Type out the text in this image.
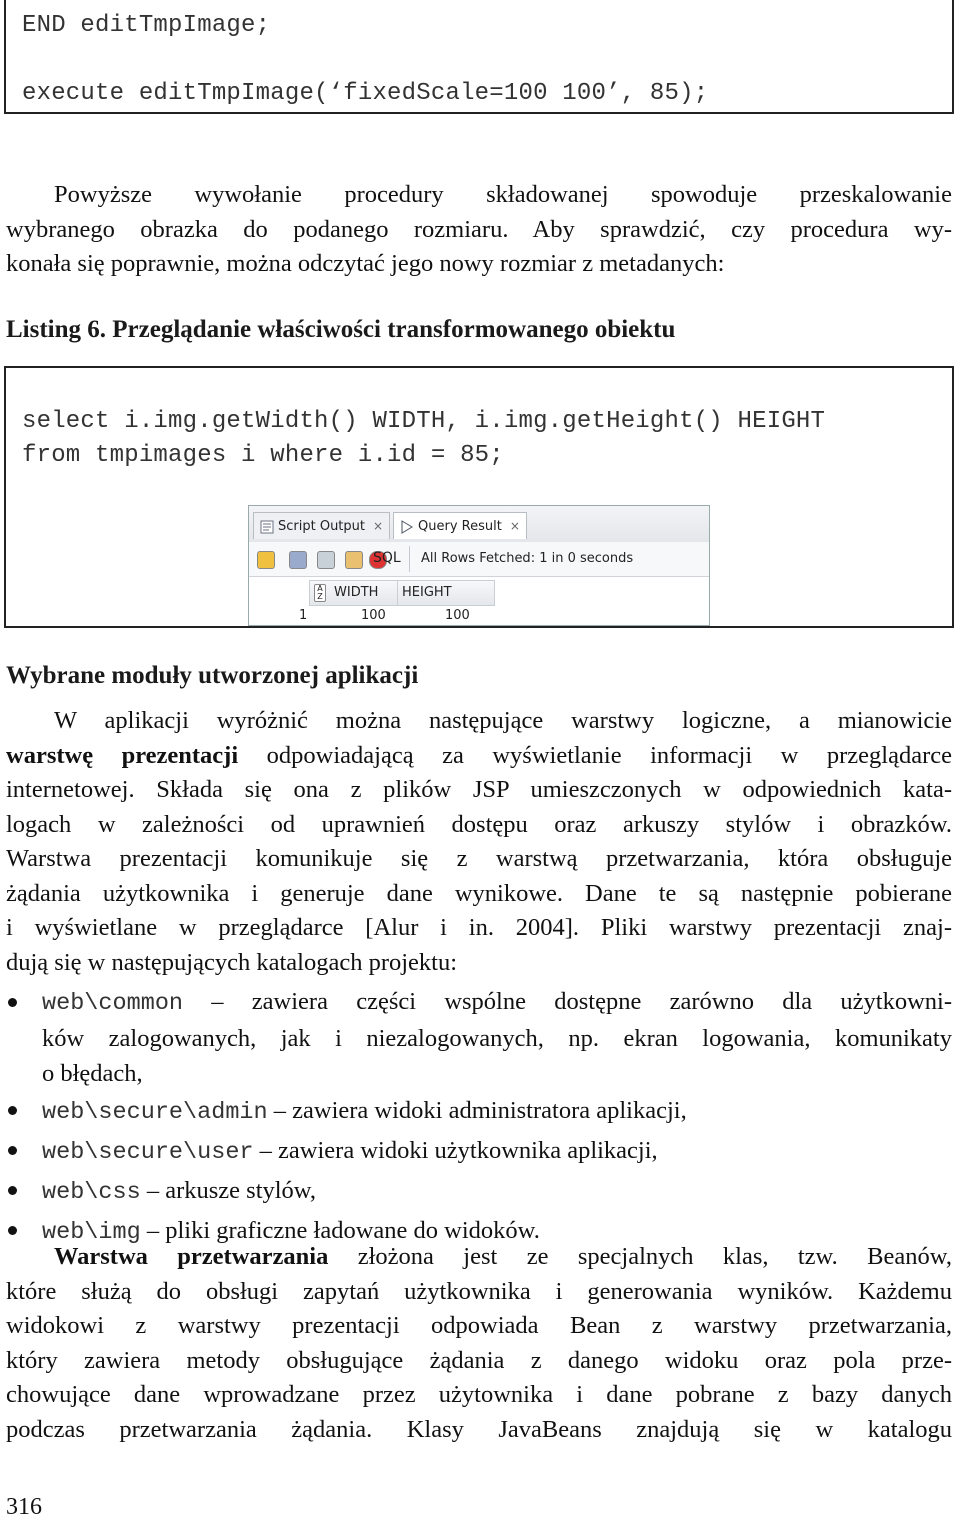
END editTmpImage;
execute editTmpImage(‘fixedScale=100 100’, 85);
Powyższe wywołanie procedury składowanej spowoduje przeskalowanie
wybranego obrazka do podanego rozmiaru. Aby sprawdzić, czy procedura wy-
konała się poprawnie, można odczytać jego nowy rozmiar z metadanych:
Listing 6. Przeglądanie właściwości transformowanego obiektu
select i.img.getWidth() WIDTH, i.img.getHeight() HEIGHT
from tmpimages i where i.id = 85;
Script Output ×	Query Result ×
SQL All Rows Fetched: 1 in 0 seconds
A
Z WIDTH	HEIGHT
1	100	100
Wybrane moduły utworzonej aplikacji
W aplikacji wyróżnić można następujące warstwy logiczne, a mianowicie
warstwę prezentacji odpowiadającą za wyświetlanie informacji w przeglądarce
internetowej. Składa się ona z plików JSP umieszczonych w odpowiednich kata-
logach w zależności od uprawnień dostępu oraz arkuszy stylów i obrazków.
Warstwa prezentacji komunikuje się z warstwą przetwarzania, która obsługuje
żądania użytkownika i generuje dane wynikowe. Dane te są następnie pobierane
i wyświetlane w przeglądarce [Alur i in. 2004]. Pliki warstwy prezentacji znaj-
dują się w następujących katalogach projektu:
web\common – zawiera części wspólne dostępne zarówno dla użytkowni-
ków zalogowanych, jak i niezalogowanych, np. ekran logowania, komunikaty
o błędach,
web\secure\admin – zawiera widoki administratora aplikacji,
web\secure\user – zawiera widoki użytkownika aplikacji,
web\css – arkusze stylów,
web\img – pliki graficzne ładowane do widoków.
Warstwa przetwarzania złożona jest ze specjalnych klas, tzw. Beanów,
które służą do obsługi zapytań użytkownika i generowania wyników. Każdemu
widokowi z warstwy prezentacji odpowiada Bean z warstwy przetwarzania,
który zawiera metody obsługujące żądania z danego widoku oraz pola prze-
chowujące dane wprowadzane przez użytownika i dane pobrane z bazy danych
podczas przetwarzania żądania. Klasy JavaBeans znajdują się w katalogu
316
